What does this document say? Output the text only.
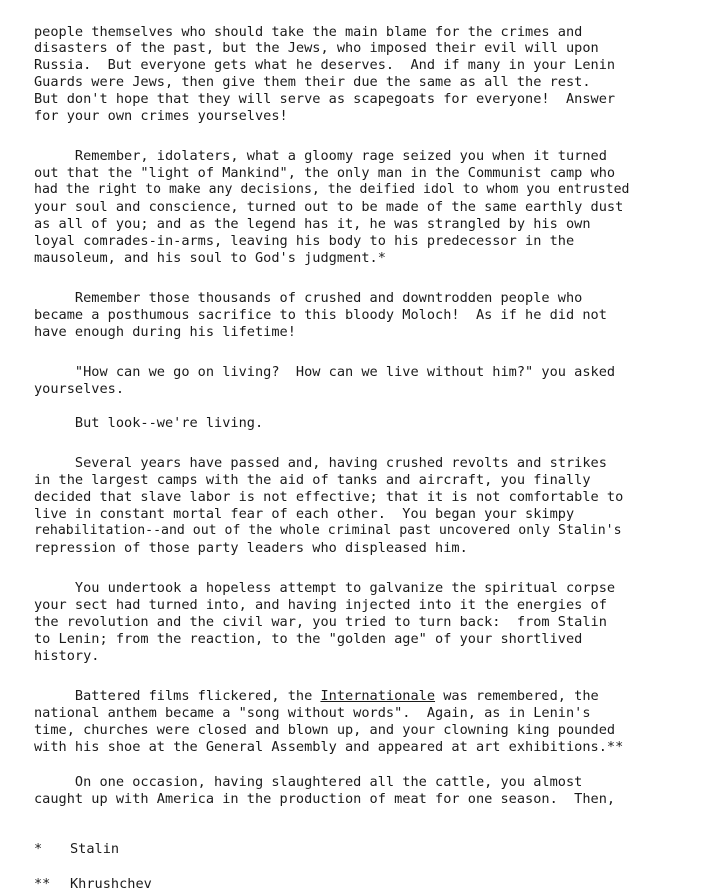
people themselves who should take the main blame for the crimes and
disasters of the past, but the Jews, who imposed their evil will upon
Russia.  But everyone gets what he deserves.  And if many in your Lenin
Guards were Jews, then give them their due the same as all the rest.
But don't hope that they will serve as scapegoats for everyone!  Answer
for your own crimes yourselves!
Remember, idolaters, what a gloomy rage seized you when it turned
out that the "light of Mankind", the only man in the Communist camp who
had the right to make any decisions, the deified idol to whom you entrusted
your soul and conscience, turned out to be made of the same earthly dust
as all of you; and as the legend has it, he was strangled by his own
loyal comrades-in-arms, leaving his body to his predecessor in the
mausoleum, and his soul to God's judgment.*
Remember those thousands of crushed and downtrodden people who
became a posthumous sacrifice to this bloody Moloch!  As if he did not
have enough during his lifetime!
"How can we go on living?  How can we live without him?" you asked
yourselves.
But look--we're living.
Several years have passed and, having crushed revolts and strikes
in the largest camps with the aid of tanks and aircraft, you finally
decided that slave labor is not effective; that it is not comfortable to
live in constant mortal fear of each other.  You began your skimpy
rehabilitation--and out of the whole criminal past uncovered only Stalin's
repression of those party leaders who displeased him.
You undertook a hopeless attempt to galvanize the spiritual corpse
your sect had turned into, and having injected into it the energies of
the revolution and the civil war, you tried to turn back:  from Stalin
to Lenin; from the reaction, to the "golden age" of your shortlived
history.
Battered films flickered, the Internationale was remembered, the
national anthem became a "song without words".  Again, as in Lenin's
time, churches were closed and blown up, and your clowning king pounded
with his shoe at the General Assembly and appeared at art exhibitions.**
On one occasion, having slaughtered all the cattle, you almost
caught up with America in the production of meat for one season.  Then,
* Stalin
** Khrushchev
